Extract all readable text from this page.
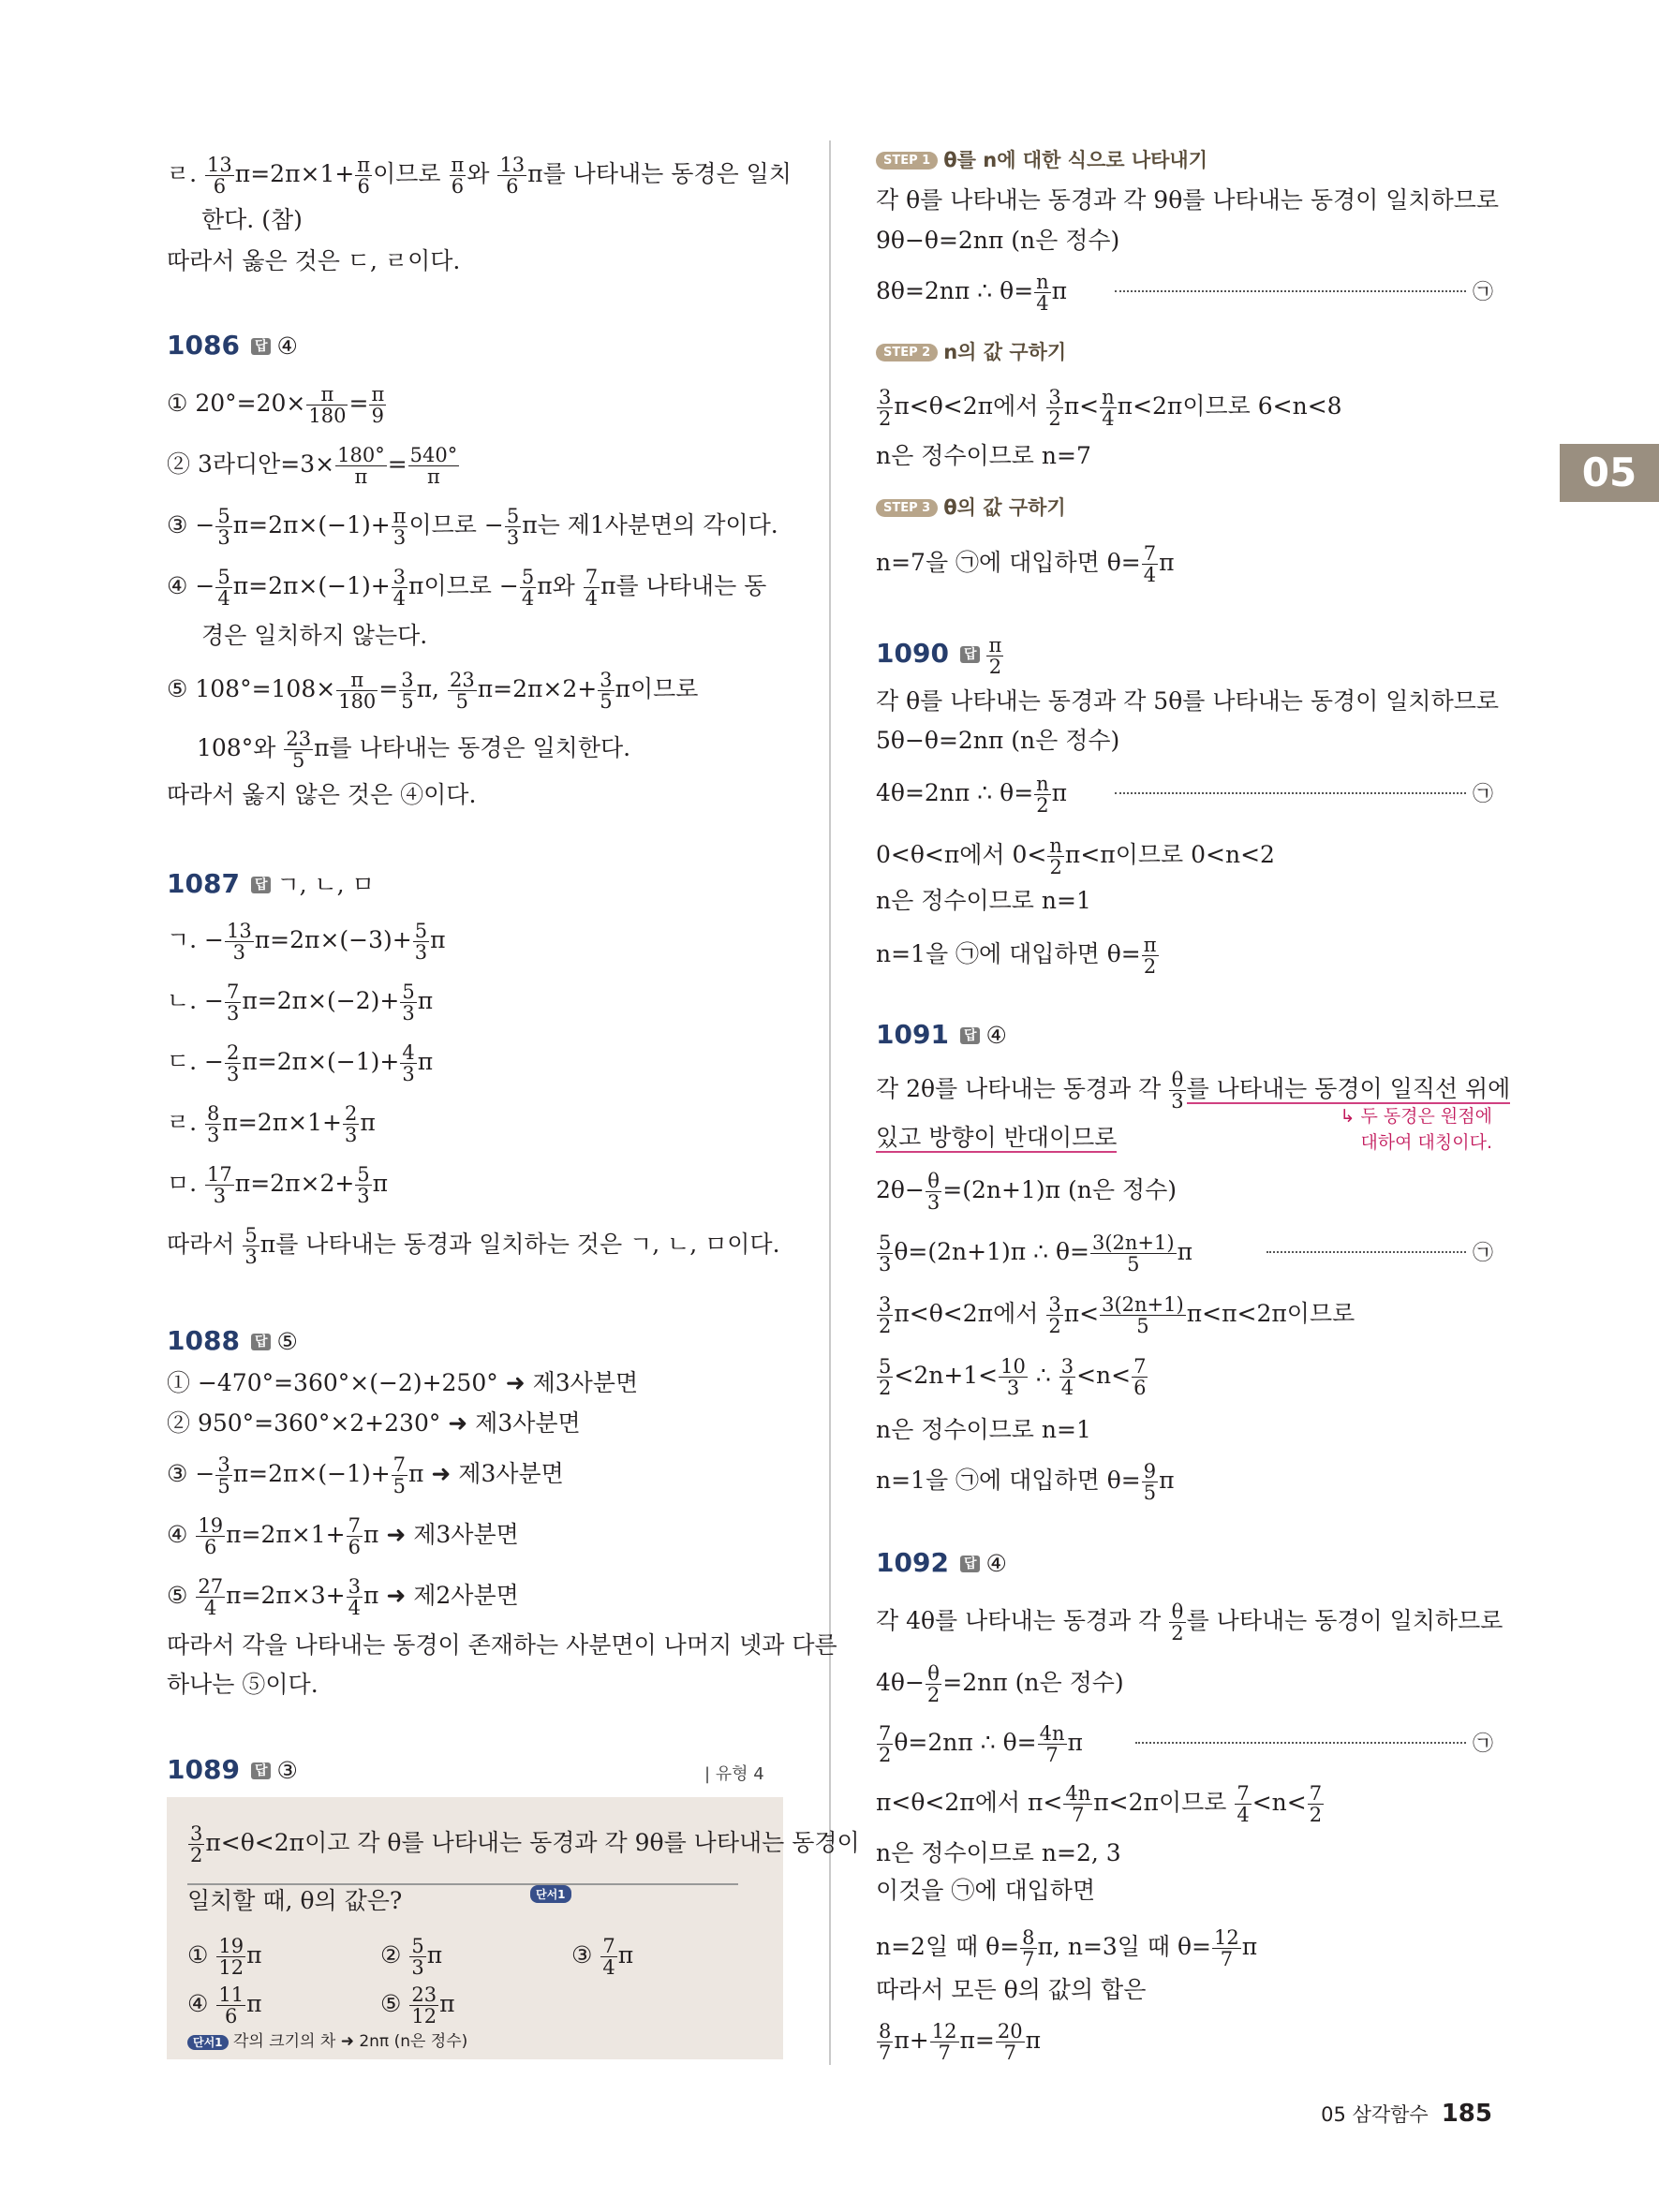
05
ㄹ. $\frac{13}{6} \pi=2\pi\times 1+ \frac{\pi}{6}$ 이므로 $\frac{\pi}{6}$ 와 $\frac{13}{6}$ π를 나타내는 동경은 일치
한다. (참)
따라서 옳은 것은 ㄷ, ㄹ이다.
1086 답 ④
① $20^\circ=20\times \frac{\pi}{180} = \frac{\pi}{9}$
② 3라디안$=3\times \frac{180^\circ}{\pi} = \frac{540^\circ}{\pi}$
③ − $\frac{5}{3} \pi=2\pi\times(-1)+ \frac{\pi}{3}$ 이므로 − $\frac{5}{3}$ π는 제1사분면의 각이다.
④ − $\frac{5}{4} \pi=2\pi\times(-1)+ \frac{3}{4}$ π이므로 − $\frac{5}{4}$ π와 $\frac{7}{4}$ π를 나타내는 동
경은 일치하지 않는다.
⑤ $108^\circ=108\times \frac{\pi}{180} = \frac{3}{5} \pi$, $\frac{23}{5} \pi=2\pi\times 2+ \frac{3}{5}$ π이므로
108°와 $\frac{23}{5}$ π를 나타내는 동경은 일치한다.
따라서 옳지 않은 것은 ④이다.
1087 답 ㄱ, ㄴ, ㅁ
ㄱ. − $\frac{13}{3} \pi=2\pi\times(-3)+ \frac{5}{3}$ π
ㄴ. − $\frac{7}{3} \pi=2\pi\times(-2)+ \frac{5}{3}$ π
ㄷ. − $\frac{2}{3} \pi=2\pi\times(-1)+ \frac{4}{3}$ π
ㄹ. $\frac{8}{3} \pi=2\pi\times 1+ \frac{2}{3}$ π
ㅁ. $\frac{17}{3} \pi=2\pi\times 2+ \frac{5}{3}$ π
따라서 $\frac{5}{3}$ π를 나타내는 동경과 일치하는 것은 ㄱ, ㄴ, ㅁ이다.
1088 답 ⑤
① −470°=360°×(−2)+250° ➜ 제3사분면
② 950°=360°×2+230° ➜ 제3사분면
③ − $\frac{3}{5} \pi=2\pi\times(-1)+ \frac{7}{5}$ π ➜ 제3사분면
④ $\frac{19}{6} \pi=2\pi\times 1+ \frac{7}{6}$ π ➜ 제3사분면
⑤ $\frac{27}{4} \pi=2\pi\times 3+ \frac{3}{4}$ π ➜ 제2사분면
따라서 각을 나타내는 동경이 존재하는 사분면이 나머지 넷과 다른
하나는 ⑤이다.
1089 답 ③	| 유형 4
$\frac{3}{2} \pi<\theta<2\pi$이고 각 θ를 나타내는 동경과 각 9θ를 나타내는 동경이
단서1
일치할 때, θ의 값은?
① $\frac{19}{12}$ π	② $\frac{5}{3}$ π	③ $\frac{7}{4}$ π
④ $\frac{11}{6}$ π	⑤ $\frac{23}{12}$ π
단서1 각의 크기의 차 ➜ 2nπ (n은 정수)
STEP 1 θ를 n에 대한 식으로 나타내기
각 θ를 나타내는 동경과 각 9θ를 나타내는 동경이 일치하므로
9θ−θ=2nπ (n은 정수)
8θ=2nπ ∴ $\theta= \frac{n}{4}$ π	㉠
STEP 2 n의 값 구하기
$\frac{3}{2} \pi<\theta<2\pi$에서 $\frac{3}{2} \pi< \frac{n}{4} \pi<2\pi$이므로 6<n<8
n은 정수이므로 n=7
STEP 3 θ의 값 구하기
n=7을 ㉠에 대입하면 $\theta= \frac{7}{4}$ π
1090 답 $\frac{\pi}{2}$
각 θ를 나타내는 동경과 각 5θ를 나타내는 동경이 일치하므로
5θ−θ=2nπ (n은 정수)
4θ=2nπ ∴ $\theta= \frac{n}{2}$ π	㉠
0<θ<π에서 $0< \frac{n}{2} \pi<\pi$이므로 0<n<2
n은 정수이므로 n=1
n=1을 ㉠에 대입하면 $\theta= \frac{\pi}{2}$
1091 답 ④
각 2θ를 나타내는 동경과 각 $\frac{\theta}{3}$ 를 나타내는 동경이 일직선 위에
있고 방향이 반대이므로
↳ 두 동경은 원점에
대하여 대칭이다.
$2\theta- \frac{\theta}{3} =(2n+1)\pi$ (n은 정수)
$\frac{5}{3} \theta=(2n+1)\pi$ ∴ $\theta= \frac{3(2n+1)}{5}$ π	㉠
$\frac{3}{2} \pi<\theta<2\pi$에서 $\frac{3}{2} \pi< \frac{3(2n+1)}{5} \pi<\pi<2\pi$이므로
$\frac{5}{2} <2n+1< \frac{10}{3}$ ∴ $\frac{3}{4} <n< \frac{7}{6}$
n은 정수이므로 n=1
n=1을 ㉠에 대입하면 $\theta= \frac{9}{5}$ π
1092 답 ④
각 4θ를 나타내는 동경과 각 $\frac{\theta}{2}$ 를 나타내는 동경이 일치하므로
$4\theta- \frac{\theta}{2} =2n\pi$ (n은 정수)
$\frac{7}{2} \theta=2n\pi$ ∴ $\theta= \frac{4n}{7}$ π	㉠
π<θ<2π에서 $\pi< \frac{4n}{7} \pi<2\pi$이므로 $\frac{7}{4} <n< \frac{7}{2}$
n은 정수이므로 n=2, 3
이것을 ㉠에 대입하면
n=2일 때 $\theta= \frac{8}{7} \pi$, n=3일 때 $\theta= \frac{12}{7}$ π
따라서 모든 θ의 값의 합은
$\frac{8}{7} \pi+ \frac{12}{7} \pi= \frac{20}{7}$ π
05 삼각함수 185
